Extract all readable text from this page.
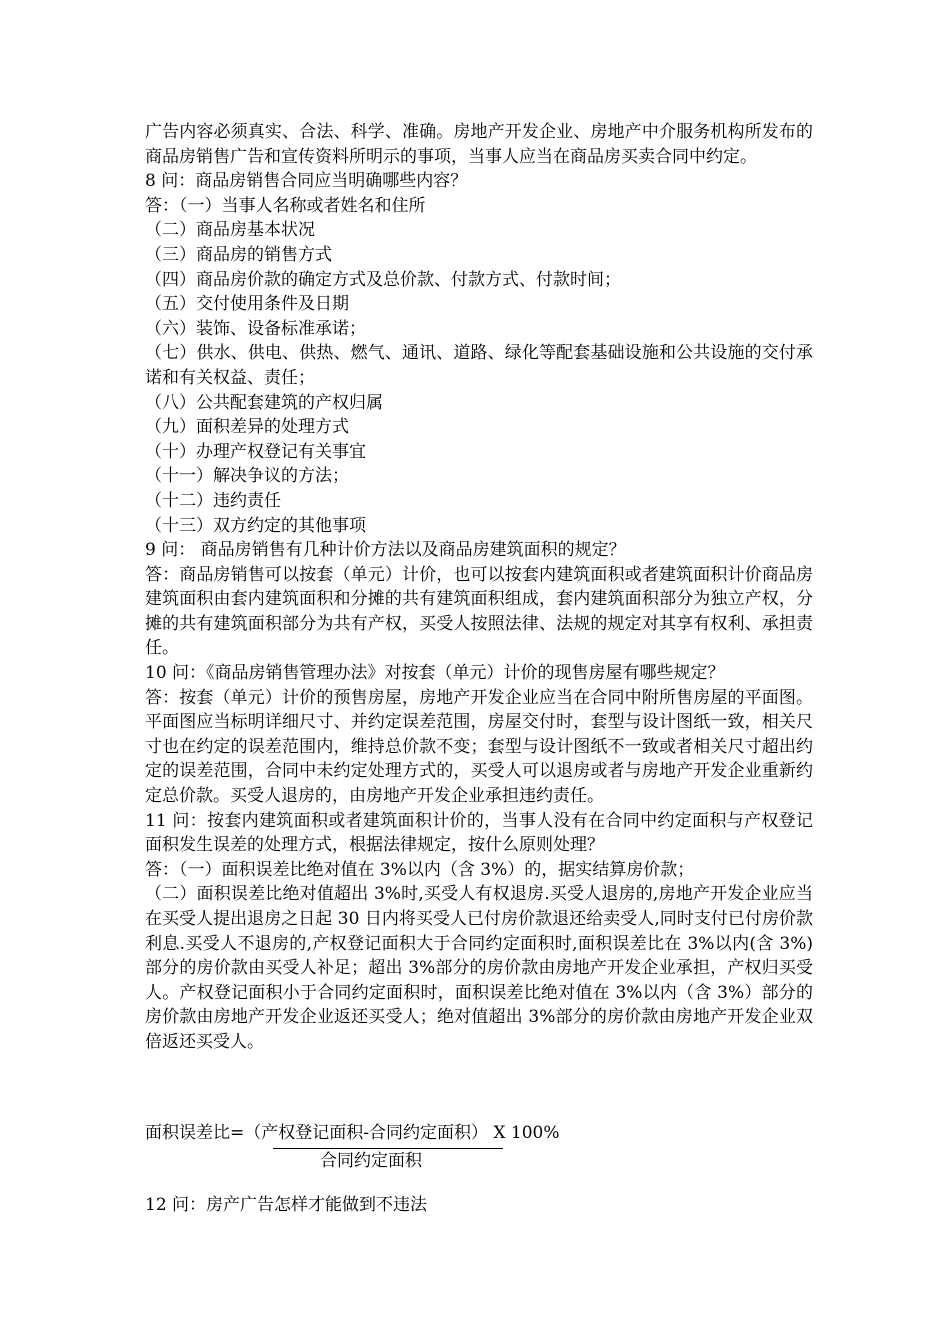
广告内容必须真实、合法、科学、准确。房地产开发企业、房地产中介服务机构所发布的商品房销售广告和宣传资料所明示的事项，当事人应当在商品房买卖合同中约定。

8 问：商品房销售合同应当明确哪些内容？

答：（一）当事人名称或者姓名和住所

（二）商品房基本状况

（三）商品房的销售方式

（四）商品房价款的确定方式及总价款、付款方式、付款时间；

（五）交付使用条件及日期

（六）装饰、设备标准承诺；

（七）供水、供电、供热、燃气、通讯、道路、绿化等配套基础设施和公共设施的交付承诺和有关权益、责任；

（八）公共配套建筑的产权归属

（九）面积差异的处理方式

（十）办理产权登记有关事宜

（十一）解决争议的方法；

（十二）违约责任

（十三）双方约定的其他事项

9 问： 商品房销售有几种计价方法以及商品房建筑面积的规定？

答：商品房销售可以按套（单元）计价，也可以按套内建筑面积或者建筑面积计价商品房建筑面积由套内建筑面积和分摊的共有建筑面积组成，套内建筑面积部分为独立产权，分摊的共有建筑面积部分为共有产权，买受人按照法律、法规的规定对其享有权利、承担责任。

10 问：《商品房销售管理办法》对按套（单元）计价的现售房屋有哪些规定？

答：按套（单元）计价的预售房屋，房地产开发企业应当在合同中附所售房屋的平面图。平面图应当标明详细尺寸、并约定误差范围，房屋交付时，套型与设计图纸一致，相关尺寸也在约定的误差范围内，维持总价款不变；套型与设计图纸不一致或者相关尺寸超出约定的误差范围，合同中未约定处理方式的，买受人可以退房或者与房地产开发企业重新约定总价款。买受人退房的，由房地产开发企业承担违约责任。

11 问：按套内建筑面积或者建筑面积计价的，当事人没有在合同中约定面积与产权登记面积发生误差的处理方式，根据法律规定，按什么原则处理？

答：（一）面积误差比绝对值在 3%以内（含 3%）的，据实结算房价款；

（二）面积误差比绝对值超出 3%时,买受人有权退房.买受人退房的,房地产开发企业应当在买受人提出退房之日起 30 日内将买受人已付房价款退还给卖受人,同时支付已付房价款利息.买受人不退房的,产权登记面积大于合同约定面积时,面积误差比在 3%以内(含 3%)部分的房价款由买受人补足；超出 3%部分的房价款由房地产开发企业承担，产权归买受人。产权登记面积小于合同约定面积时，面积误差比绝对值在 3%以内（含 3%）部分的房价款由房地产开发企业返还买受人；绝对值超出 3%部分的房价款由房地产开发企业双倍返还买受人。

面积误差比=（产权登记面积-合同约定面积） X 100%
合同约定面积
12 问：房产广告怎样才能做到不违法
